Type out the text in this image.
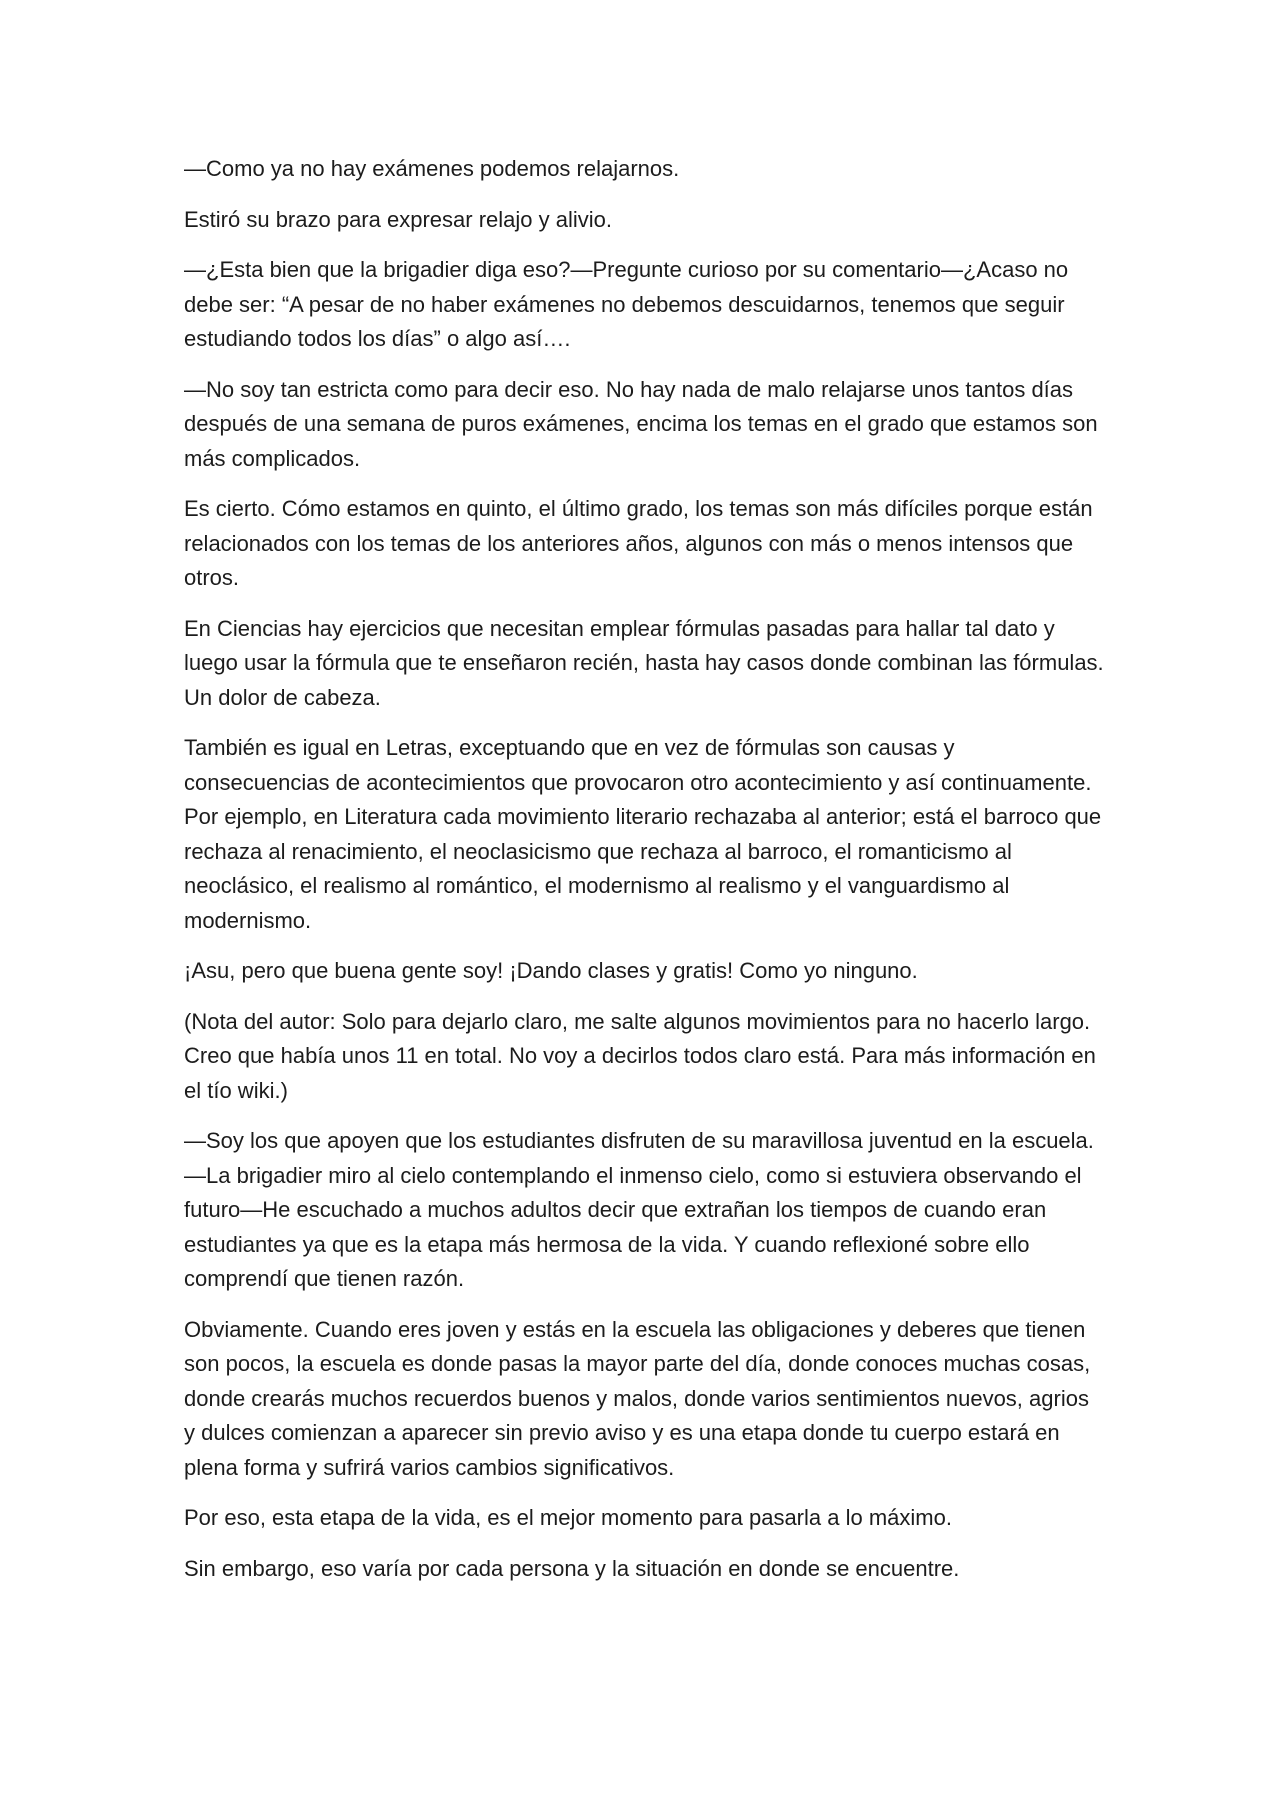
—Como ya no hay exámenes podemos relajarnos.

Estiró su brazo para expresar relajo y alivio.

—¿Esta bien que la brigadier diga eso?—Pregunte curioso por su comentario—¿Acaso no debe ser: “A pesar de no haber exámenes no debemos descuidarnos, tenemos que seguir estudiando todos los días” o algo así….

—No soy tan estricta como para decir eso. No hay nada de malo relajarse unos tantos días después de una semana de puros exámenes, encima los temas en el grado que estamos son más complicados.

Es cierto. Cómo estamos en quinto, el último grado, los temas son más difíciles porque están relacionados con los temas de los anteriores años, algunos con más o menos intensos que otros.

En Ciencias hay ejercicios que necesitan emplear fórmulas pasadas para hallar tal dato y luego usar la fórmula que te enseñaron recién, hasta hay casos donde combinan las fórmulas. Un dolor de cabeza.

También es igual en Letras, exceptuando que en vez de fórmulas son causas y consecuencias de acontecimientos que provocaron otro acontecimiento y así continuamente. Por ejemplo, en Literatura cada movimiento literario rechazaba al anterior; está el barroco que rechaza al renacimiento, el neoclasicismo que rechaza al barroco, el romanticismo al neoclásico, el realismo al romántico, el modernismo al realismo y el vanguardismo al modernismo.

¡Asu, pero que buena gente soy! ¡Dando clases y gratis! Como yo ninguno.

(Nota del autor: Solo para dejarlo claro, me salte algunos movimientos para no hacerlo largo. Creo que había unos 11 en total. No voy a decirlos todos claro está. Para más información en el tío wiki.)

—Soy los que apoyen que los estudiantes disfruten de su maravillosa juventud en la escuela.—La brigadier miro al cielo contemplando el inmenso cielo, como si estuviera observando el futuro—He escuchado a muchos adultos decir que extrañan los tiempos de cuando eran estudiantes ya que es la etapa más hermosa de la vida. Y cuando reflexioné sobre ello comprendí que tienen razón.

Obviamente. Cuando eres joven y estás en la escuela las obligaciones y deberes que tienen son pocos, la escuela es donde pasas la mayor parte del día, donde conoces muchas cosas, donde crearás muchos recuerdos buenos y malos, donde varios sentimientos nuevos, agrios y dulces comienzan a aparecer sin previo aviso y es una etapa donde tu cuerpo estará en plena forma y sufrirá varios cambios significativos.

Por eso, esta etapa de la vida, es el mejor momento para pasarla a lo máximo.

Sin embargo, eso varía por cada persona y la situación en donde se encuentre.
